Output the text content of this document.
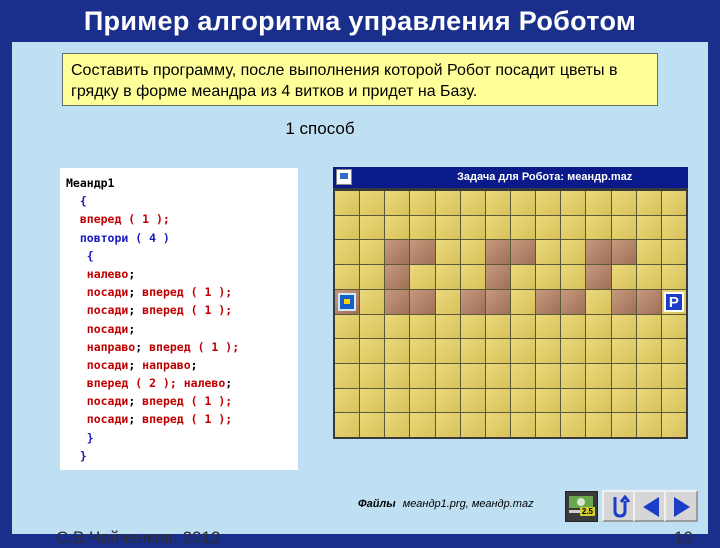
Пример алгоритма управления Роботом
Составить программу, после выполнения которой Робот посадит цветы в грядку в форме меандра из 4 витков и придет на Базу.
1 способ
Меандр1
{
вперед ( 1 );
повтори ( 4 )
{
налево;
посади; вперед ( 1 );
посади; вперед ( 1 );
посади;
направо; вперед ( 1 );
посади; направо;
вперед ( 2 ); налево;
посади; вперед ( 1 );
посади; вперед ( 1 );
}
}
Задача для Робота: меандр.maz
Р
Файлы меандр1.prg, меандр.maz
2.5
С.В.Чайченков, 2012	10
